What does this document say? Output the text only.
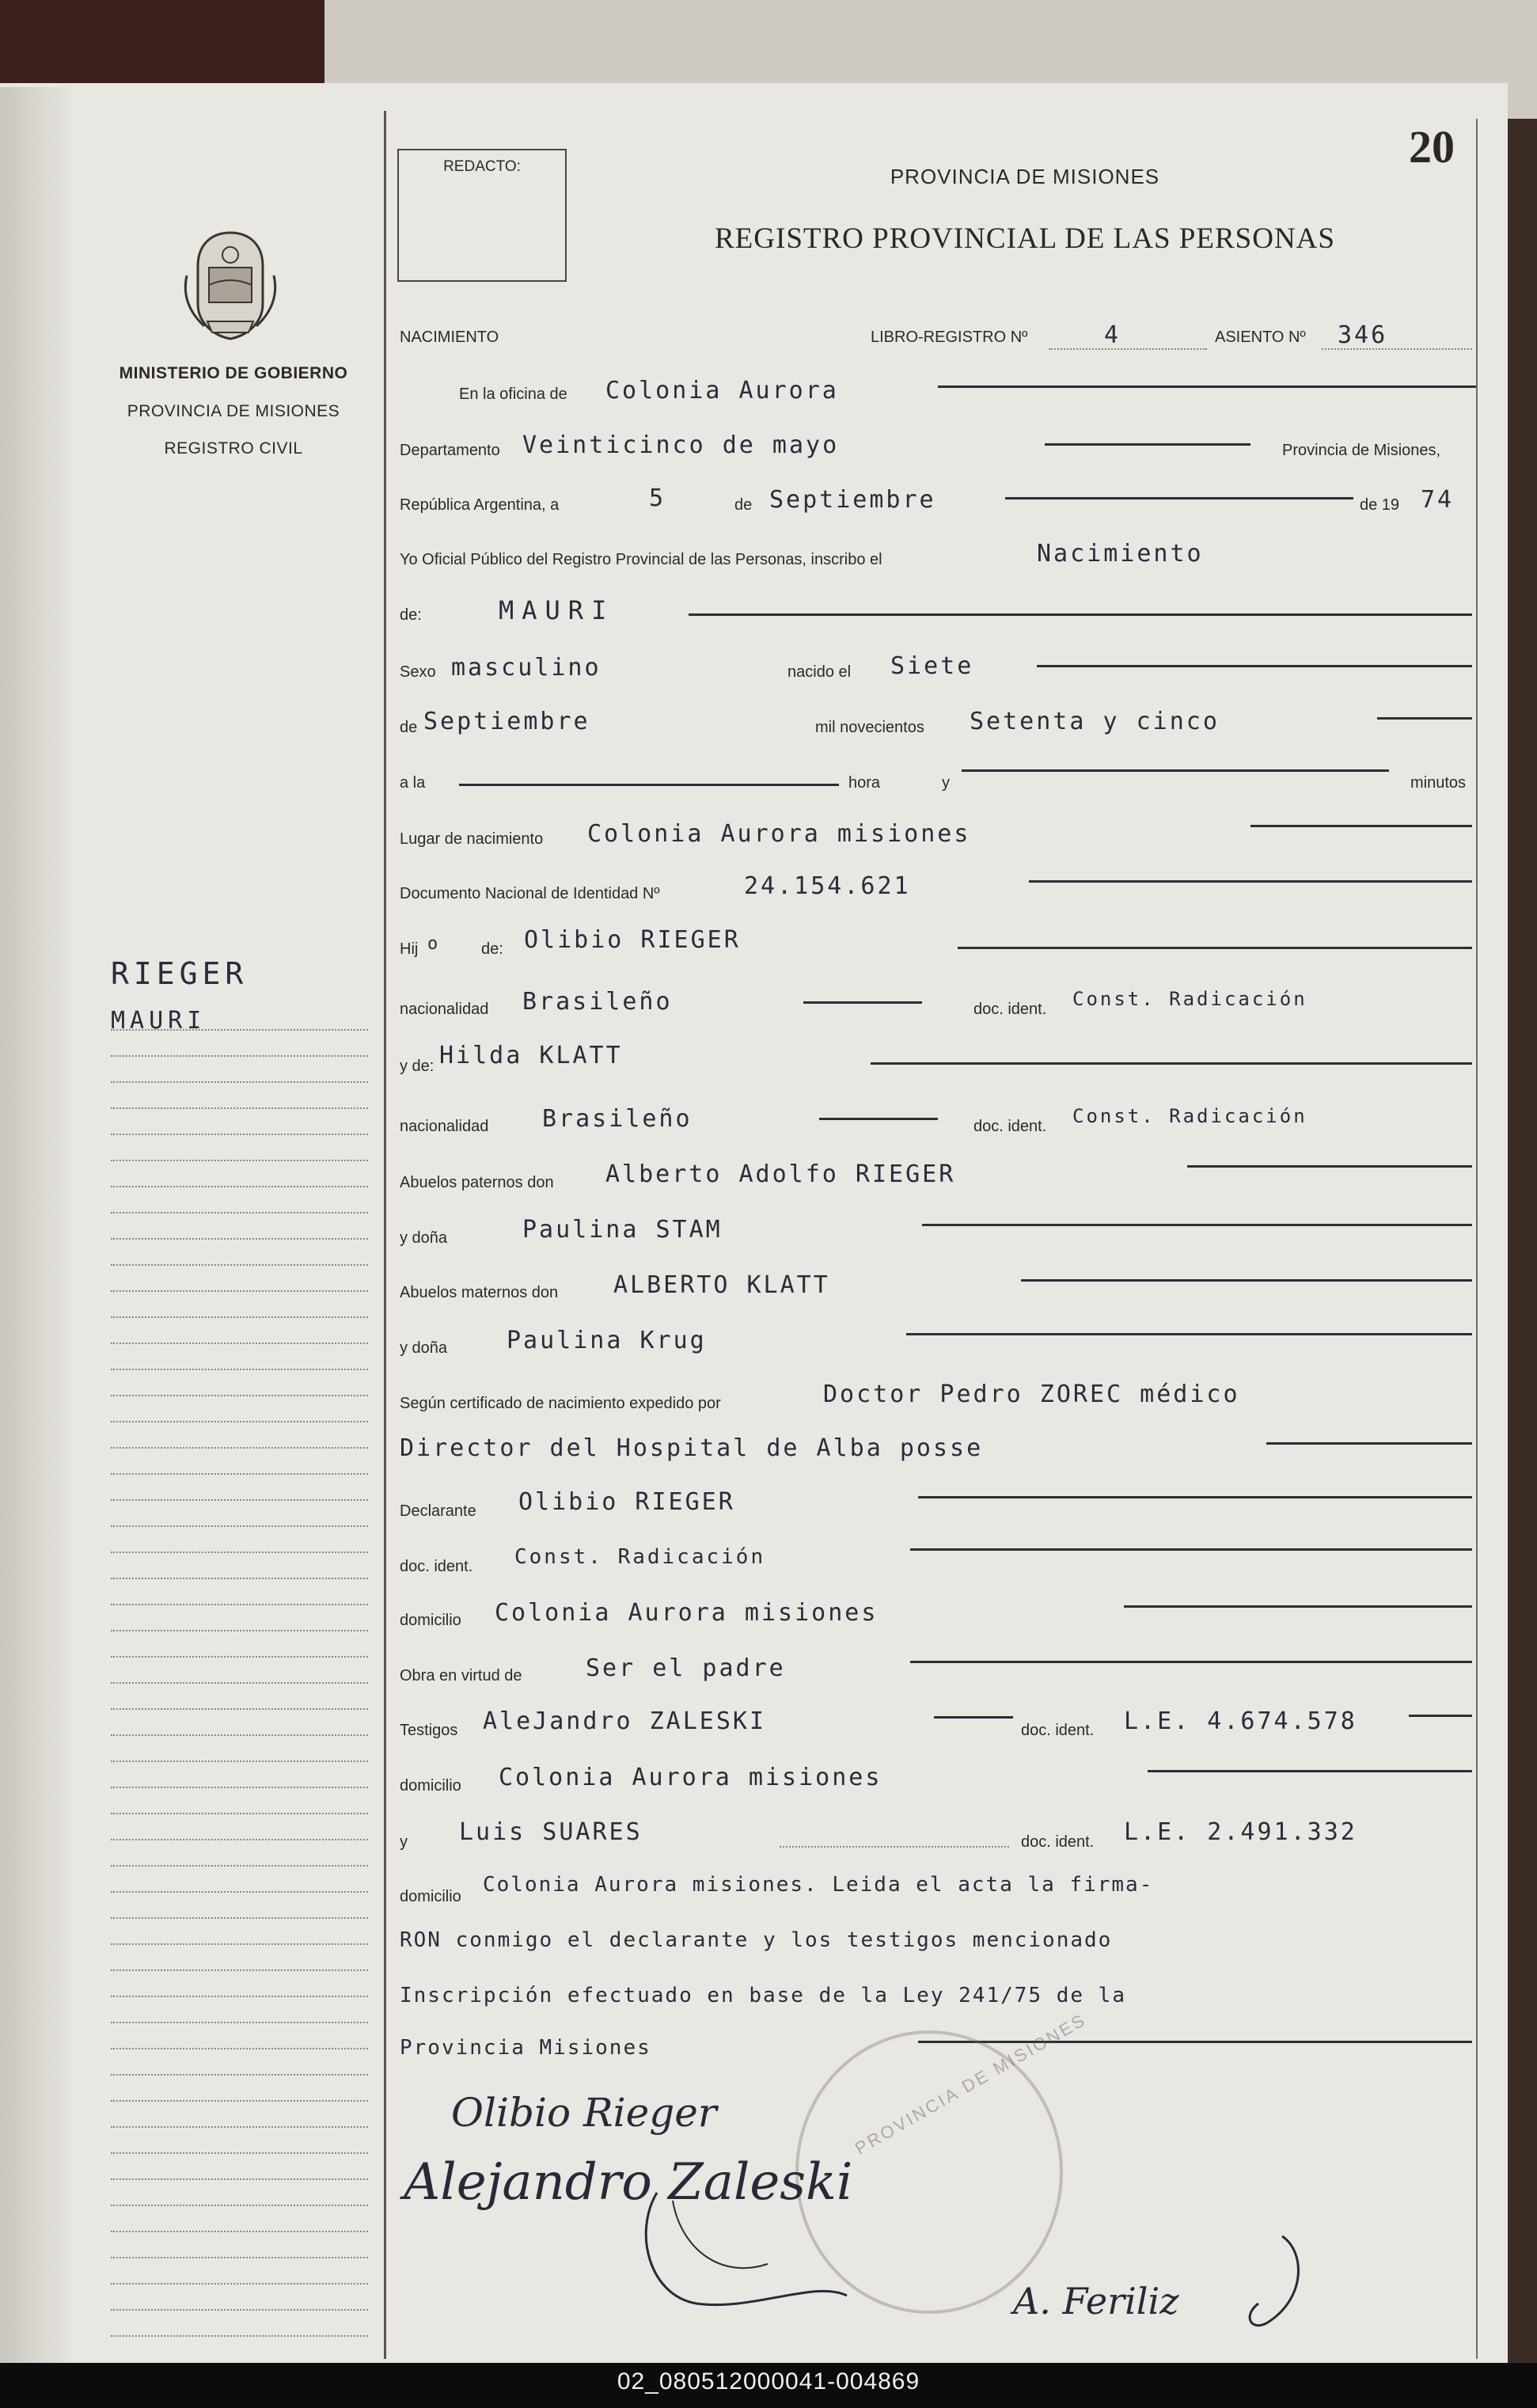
MINISTERIO DE GOBIERNO
PROVINCIA DE MISIONES
REGISTRO CIVIL
RIEGER
MAURI
REDACTO:	PROVINCIA DE MISIONES
REGISTRO PROVINCIAL DE LAS PERSONAS
20
NACIMIENTO	LIBRO-REGISTRO Nº	4	ASIENTO Nº 346
En la oficina de Colonia Aurora
Departamento Veinticinco de mayo	Provincia de Misiones,
República Argentina, a	5	de Septiembre	de 19 74
Yo Oficial Público del Registro Provincial de las Personas, inscribo el	Nacimiento
de:	MAURI
Sexo masculino	nacido el Siete
de Septiembre	mil novecientos Setenta y cinco
a la	hora	y	minutos
Lugar de nacimiento Colonia Aurora misiones
Documento Nacional de Identidad Nº	24.154.621
Hij o	de: Olibio RIEGER
nacionalidad Brasileño	doc. ident. Const. Radicación
y de: Hilda KLATT
nacionalidad Brasileño	doc. ident. Const. Radicación
Abuelos paternos don Alberto Adolfo RIEGER
y doña	Paulina STAM
Abuelos maternos don ALBERTO KLATT
y doña Paulina Krug
Según certificado de nacimiento expedido por	Doctor Pedro ZOREC médico
Director del Hospital de Alba posse
Declarante Olibio RIEGER
doc. ident. Const. Radicación
domicilio Colonia Aurora misiones
Obra en virtud de	Ser el padre
Testigos AleJandro ZALESKI	doc. ident. L.E. 4.674.578
domicilio Colonia Aurora misiones
y Luis SUARES	doc. ident. L.E. 2.491.332
domicilio Colonia Aurora misiones. Leida el acta la firma-
RON conmigo el declarante y los testigos mencionado
Inscripción efectuado en base de la Ley 241/75 de la
Provincia Misiones	PROVINCIA DE MISIONES
Olibio Rieger
Alejandro Zaleski
A. Feriliz
02_080512000041-004869
